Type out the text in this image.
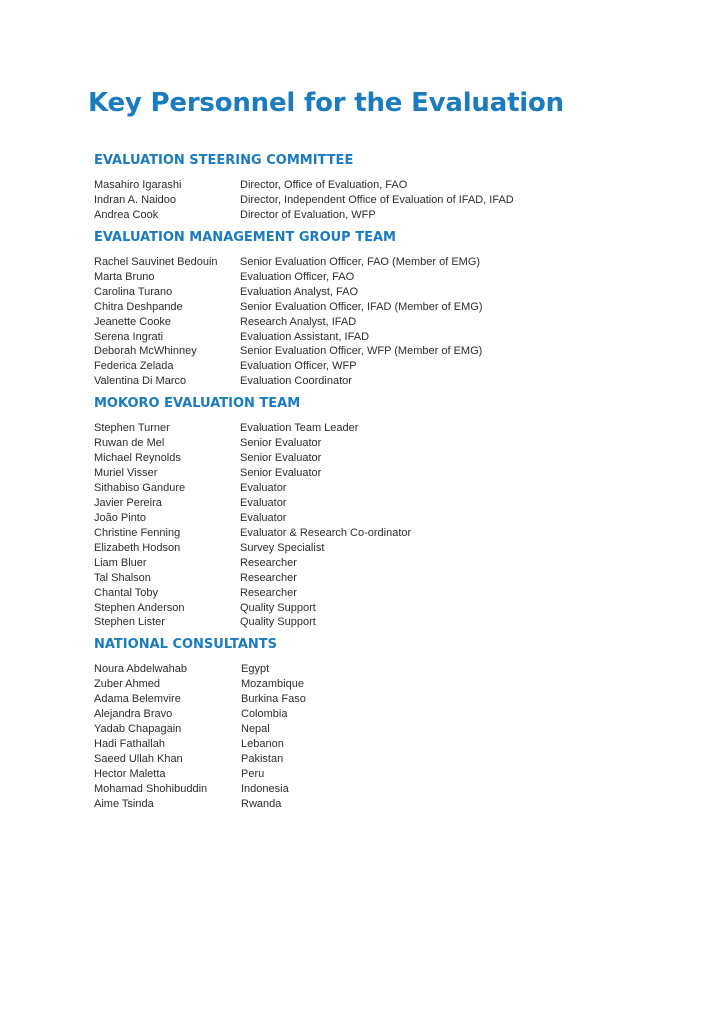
Key Personnel for the Evaluation
EVALUATION STEERING COMMITTEE
Masahiro Igarashi	Director, Office of Evaluation, FAO
Indran A. Naidoo	Director, Independent Office of Evaluation of IFAD, IFAD
Andrea Cook	Director of Evaluation, WFP
EVALUATION MANAGEMENT GROUP TEAM
Rachel Sauvinet Bedouin	Senior Evaluation Officer, FAO (Member of EMG)
Marta Bruno	Evaluation Officer, FAO
Carolina Turano	Evaluation Analyst, FAO
Chitra Deshpande	Senior Evaluation Officer, IFAD (Member of EMG)
Jeanette Cooke	Research Analyst, IFAD
Serena Ingrati	Evaluation Assistant, IFAD
Deborah McWhinney	Senior Evaluation Officer, WFP (Member of EMG)
Federica Zelada	Evaluation Officer, WFP
Valentina Di Marco	Evaluation Coordinator
MOKORO EVALUATION TEAM
Stephen Turner	Evaluation Team Leader
Ruwan de Mel	Senior Evaluator
Michael Reynolds	Senior Evaluator
Muriel Visser	Senior Evaluator
Sithabiso Gandure	Evaluator
Javier Pereira	Evaluator
João Pinto	Evaluator
Christine Fenning	Evaluator & Research Co-ordinator
Elizabeth Hodson	Survey Specialist
Liam Bluer	Researcher
Tal Shalson	Researcher
Chantal Toby	Researcher
Stephen Anderson	Quality Support
Stephen Lister	Quality Support
NATIONAL CONSULTANTS
Noura Abdelwahab	Egypt
Zuber Ahmed	Mozambique
Adama Belemvire	Burkina Faso
Alejandra Bravo	Colombia
Yadab Chapagain	Nepal
Hadi Fathallah	Lebanon
Saeed Ullah Khan	Pakistan
Hector Maletta	Peru
Mohamad Shohibuddin	Indonesia
Aime Tsinda	Rwanda
